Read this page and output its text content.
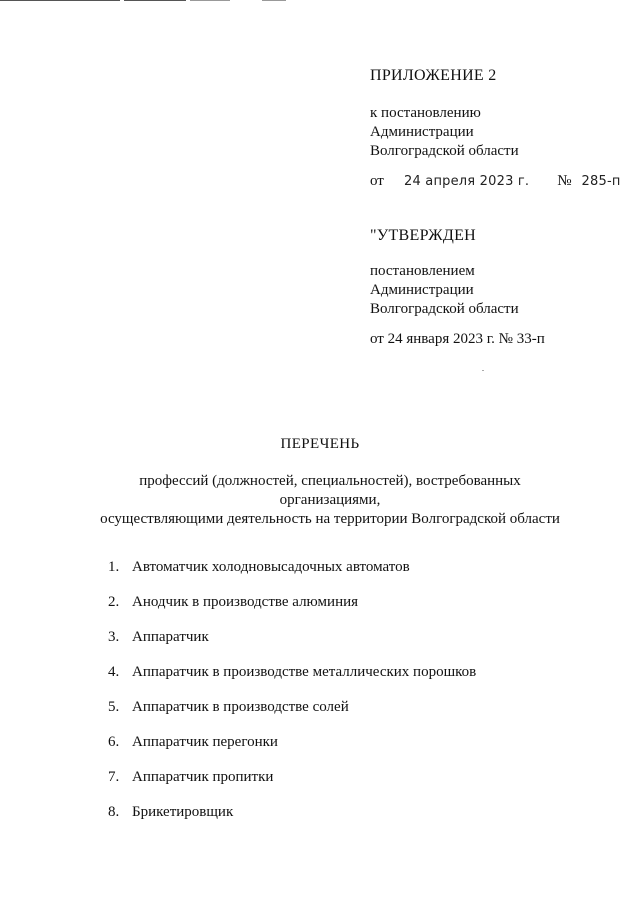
ПРИЛОЖЕНИЕ 2
к постановлению
Администрации
Волгоградской области
от 24 апреля 2023 г. № 285-п
"УТВЕРЖДЕН
постановлением
Администрации
Волгоградской области
от 24 января 2023 г. № 33-п
ПЕРЕЧЕНЬ
профессий (должностей, специальностей), востребованных организациями,
осуществляющими деятельность на территории Волгоградской области
1. Автоматчик холодновысадочных автоматов
2. Анодчик в производстве алюминия
3. Аппаратчик
4. Аппаратчик в производстве металлических порошков
5. Аппаратчик в производстве солей
6. Аппаратчик перегонки
7. Аппаратчик пропитки
8. Брикетировщик
